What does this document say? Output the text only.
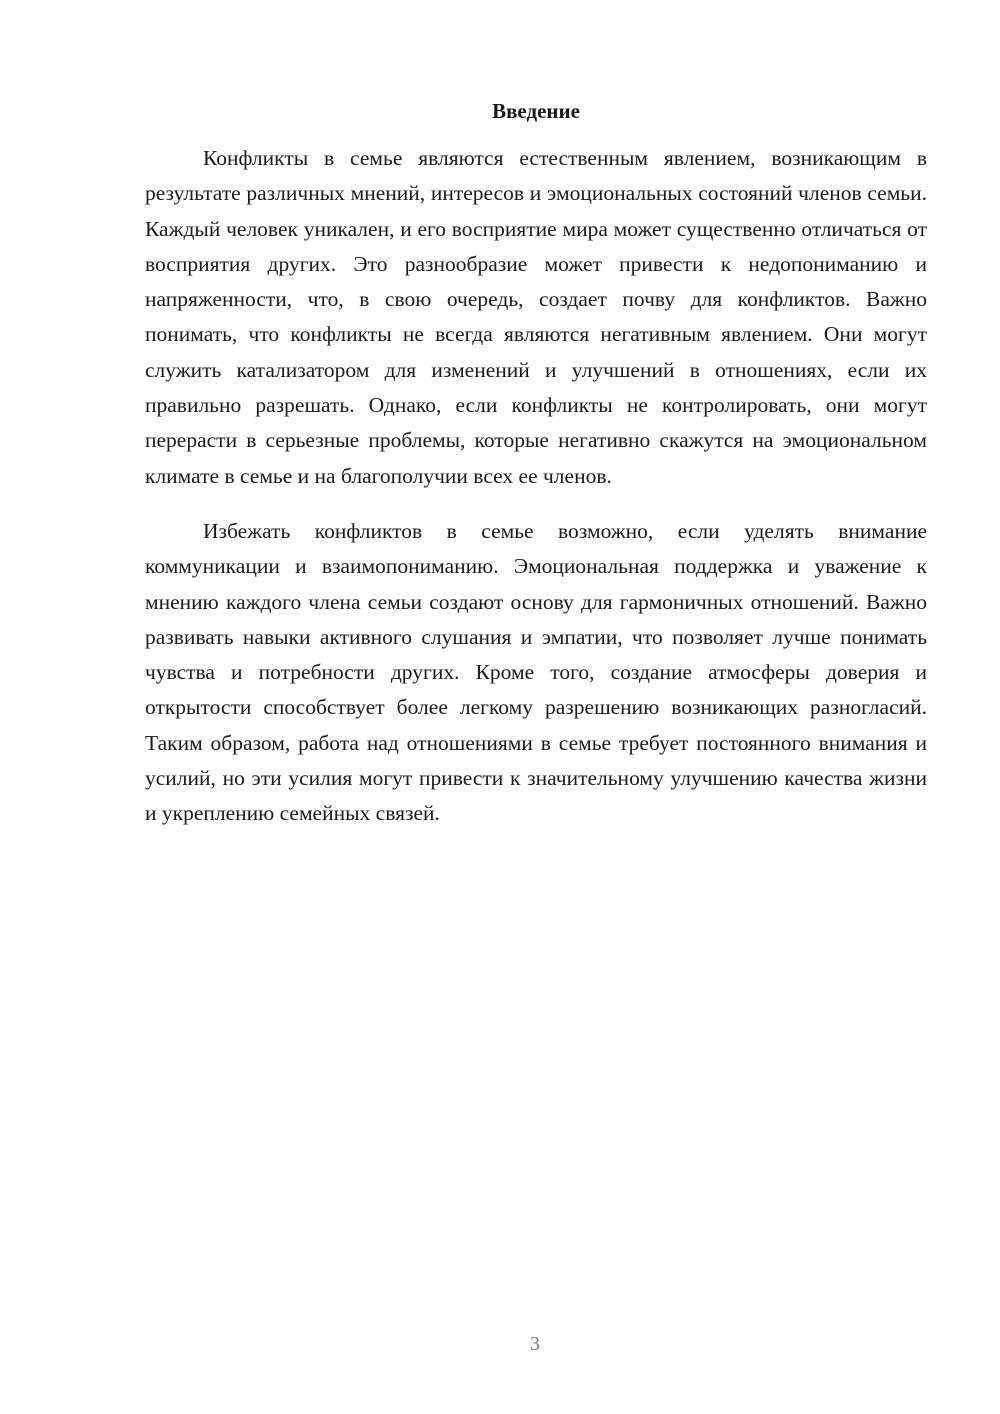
Введение

Конфликты в семье являются естественным явлением, возникающим в результате различных мнений, интересов и эмоциональных состояний членов семьи. Каждый человек уникален, и его восприятие мира может существенно отличаться от восприятия других. Это разнообразие может привести к недопониманию и напряженности, что, в свою очередь, создает почву для конфликтов. Важно понимать, что конфликты не всегда являются негативным явлением. Они могут служить катализатором для изменений и улучшений в отношениях, если их правильно разрешать. Однако, если конфликты не контролировать, они могут перерасти в серьезные проблемы, которые негативно скажутся на эмоциональном климате в семье и на благополучии всех ее членов.

Избежать конфликтов в семье возможно, если уделять внимание коммуникации и взаимопониманию. Эмоциональная поддержка и уважение к мнению каждого члена семьи создают основу для гармоничных отношений. Важно развивать навыки активного слушания и эмпатии, что позволяет лучше понимать чувства и потребности других. Кроме того, создание атмосферы доверия и открытости способствует более легкому разрешению возникающих разногласий. Таким образом, работа над отношениями в семье требует постоянного внимания и усилий, но эти усилия могут привести к значительному улучшению качества жизни и укреплению семейных связей.

3
